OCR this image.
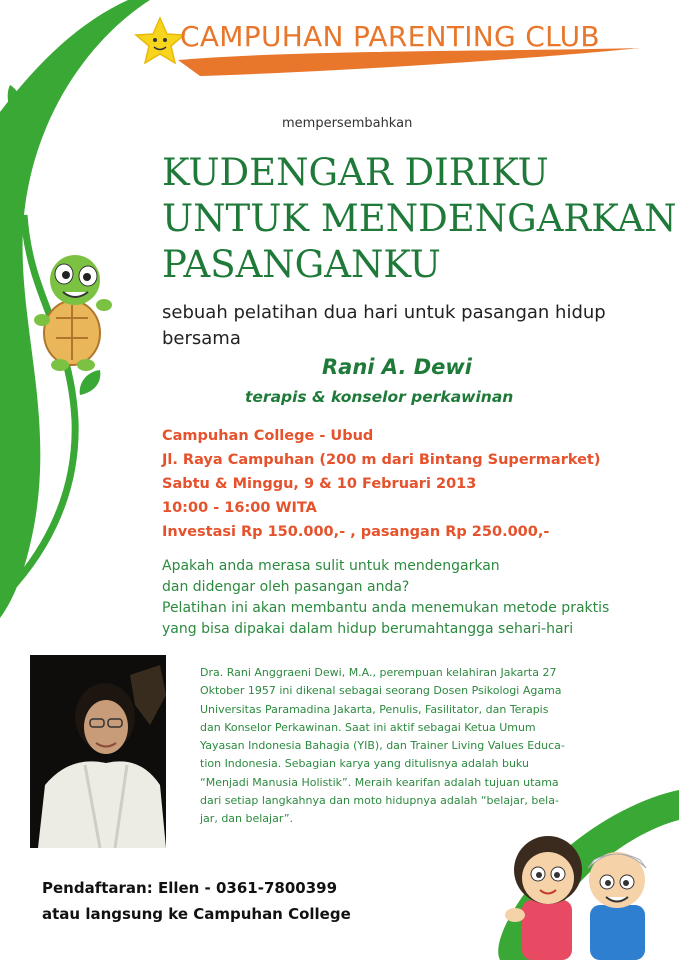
CAMPUHAN PARENTING CLUB
mempersembahkan
KUDENGAR DIRIKU
UNTUK MENDENGARKAN
PASANGANKU
sebuah pelatihan dua hari untuk pasangan hidup bersama
Rani A. Dewi
terapis & konselor perkawinan
Campuhan College - Ubud
Jl. Raya Campuhan (200 m dari Bintang Supermarket)
Sabtu & Minggu, 9 & 10 Februari 2013
10:00 - 16:00 WITA
Investasi Rp 150.000,- , pasangan Rp 250.000,-
Apakah anda merasa sulit untuk mendengarkan
dan didengar oleh pasangan anda?
Pelatihan ini akan membantu anda menemukan metode praktis
yang bisa dipakai dalam hidup berumahtangga sehari-hari
Dra. Rani Anggraeni Dewi, M.A., perempuan kelahiran Jakarta 27
Oktober 1957 ini dikenal sebagai seorang Dosen Psikologi Agama
Universitas Paramadina Jakarta, Penulis, Fasilitator, dan Terapis
dan Konselor Perkawinan. Saat ini aktif sebagai Ketua Umum
Yayasan Indonesia Bahagia (YIB), dan Trainer Living Values Educa-
tion Indonesia. Sebagian karya yang ditulisnya adalah buku
“Menjadi Manusia Holistik”. Meraih kearifan adalah tujuan utama
dari setiap langkahnya dan moto hidupnya adalah “belajar, bela-
jar, dan belajar”.
Pendaftaran: Ellen - 0361-7800399
atau langsung ke Campuhan College
